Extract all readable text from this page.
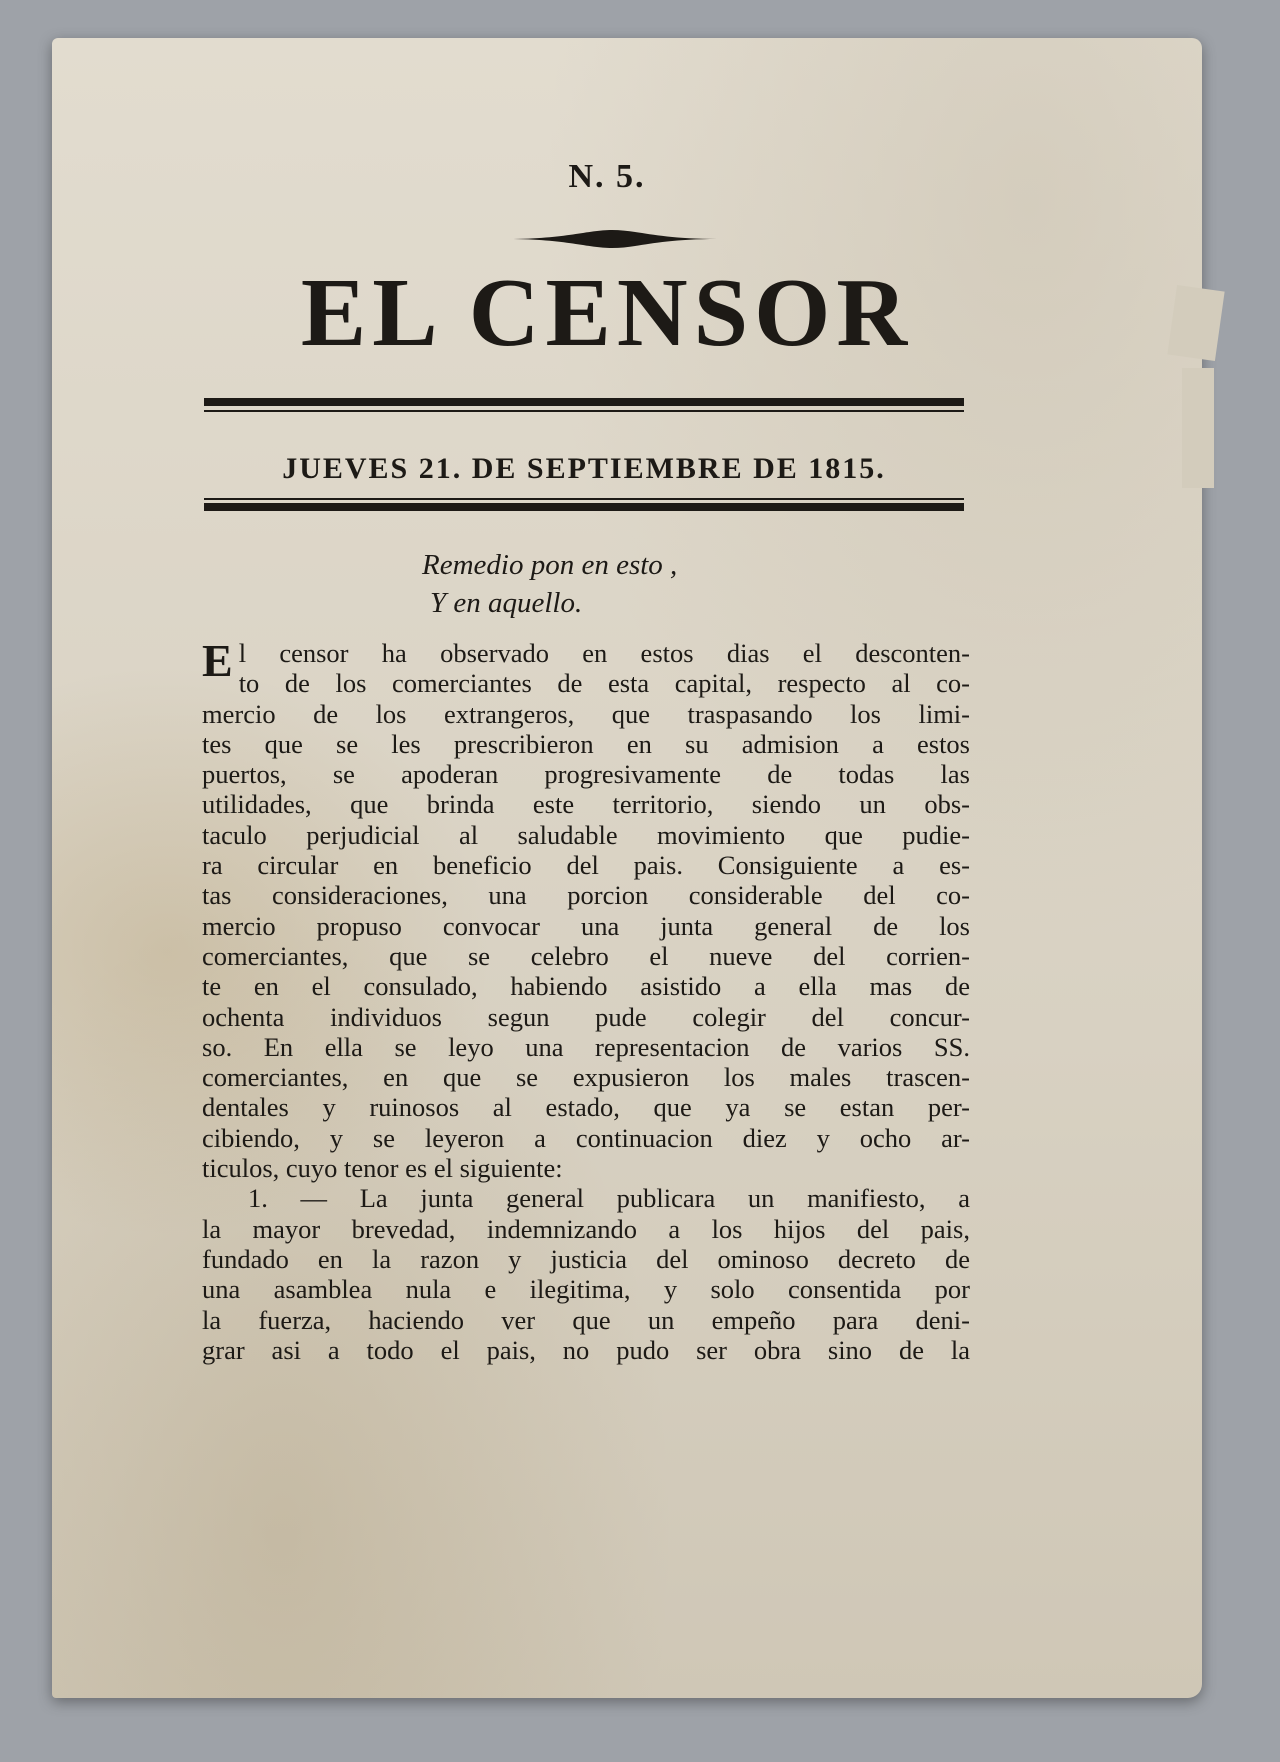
N. 5.
EL CENSOR
JUEVES 21. DE SEPTIEMBRE DE 1815.
Remedio pon en esto ,
Y en aquello.
El censor ha observado en estos dias el desconten-
to de los comerciantes de esta capital, respecto al co-
mercio de los extrangeros, que traspasando los limi-
tes que se les prescribieron en su admision a estos
puertos, se apoderan progresivamente de todas las
utilidades, que brinda este territorio, siendo un obs-
taculo perjudicial al saludable movimiento que pudie-
ra circular en beneficio del pais. Consiguiente a es-
tas consideraciones, una porcion considerable del co-
mercio propuso convocar una junta general de los
comerciantes, que se celebro el nueve del corrien-
te en el consulado, habiendo asistido a ella mas de
ochenta individuos segun pude colegir del concur-
so. En ella se leyo una representacion de varios SS.
comerciantes, en que se expusieron los males trascen-
dentales y ruinosos al estado, que ya se estan per-
cibiendo, y se leyeron a continuacion diez y ocho ar-
ticulos, cuyo tenor es el siguiente:
1. — La junta general publicara un manifiesto, a
la mayor brevedad, indemnizando a los hijos del pais,
fundado en la razon y justicia del ominoso decreto de
una asamblea nula e ilegitima, y solo consentida por
la fuerza, haciendo ver que un empeño para deni-
grar asi a todo el pais, no pudo ser obra sino de la
